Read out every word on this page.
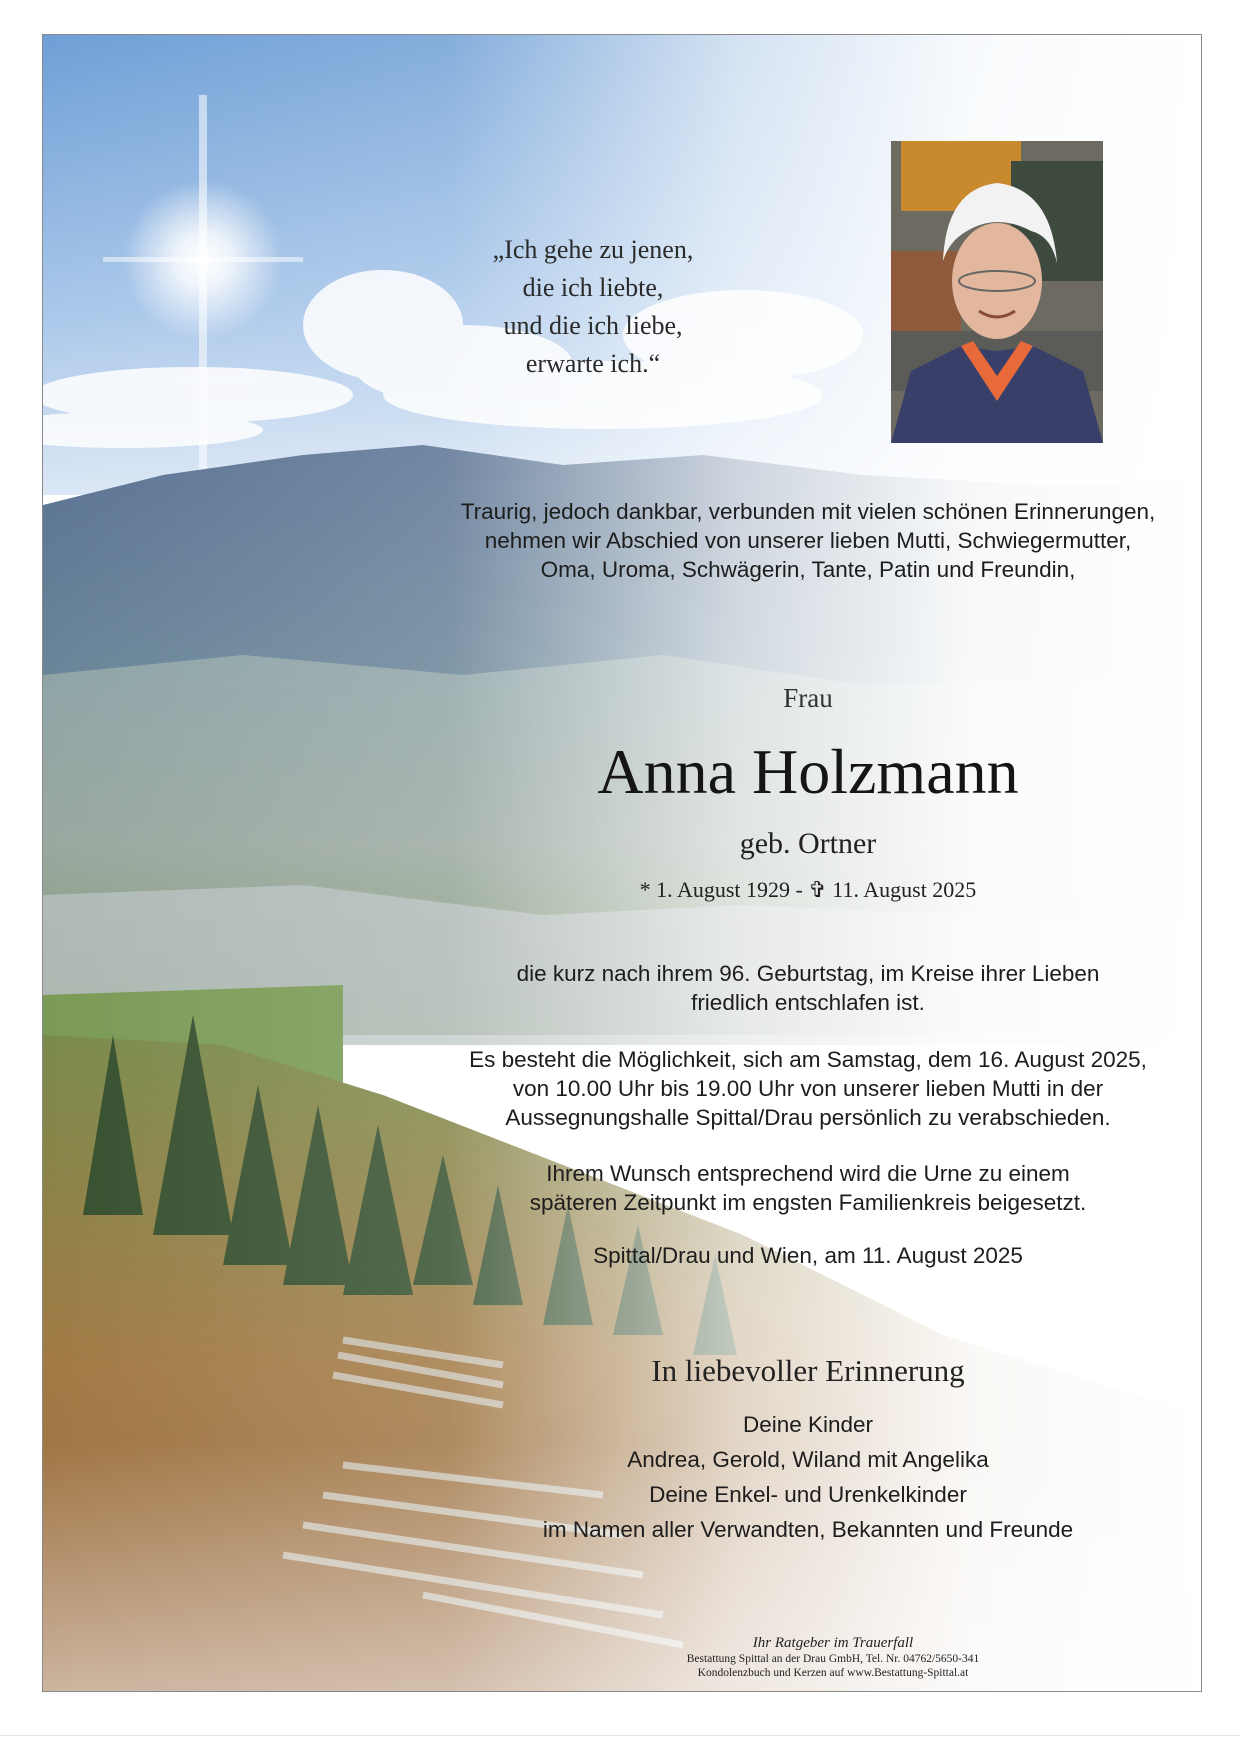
„Ich gehe zu jenen,
die ich liebte,
und die ich liebe,
erwarte ich.“
Traurig, jedoch dankbar, verbunden mit vielen schönen Erinnerungen,
nehmen wir Abschied von unserer lieben Mutti, Schwiegermutter,
Oma, Uroma, Schwägerin, Tante, Patin und Freundin,
Frau
Anna Holzmann
geb. Ortner
* 1. August 1929 - ✞ 11. August 2025
die kurz nach ihrem 96. Geburtstag, im Kreise ihrer Lieben
friedlich entschlafen ist.
Es besteht die Möglichkeit, sich am Samstag, dem 16. August 2025,
von 10.00 Uhr bis 19.00 Uhr von unserer lieben Mutti in der
Aussegnungshalle Spittal/Drau persönlich zu verabschieden.
Ihrem Wunsch entsprechend wird die Urne zu einem
späteren Zeitpunkt im engsten Familienkreis beigesetzt.
Spittal/Drau und Wien, am 11. August 2025
In liebevoller Erinnerung
Deine Kinder
Andrea, Gerold, Wiland mit Angelika
Deine Enkel- und Urenkelkinder
im Namen aller Verwandten, Bekannten und Freunde
Ihr Ratgeber im Trauerfall
Bestattung Spittal an der Drau GmbH, Tel. Nr. 04762/5650-341
Kondolenzbuch und Kerzen auf www.Bestattung-Spittal.at
